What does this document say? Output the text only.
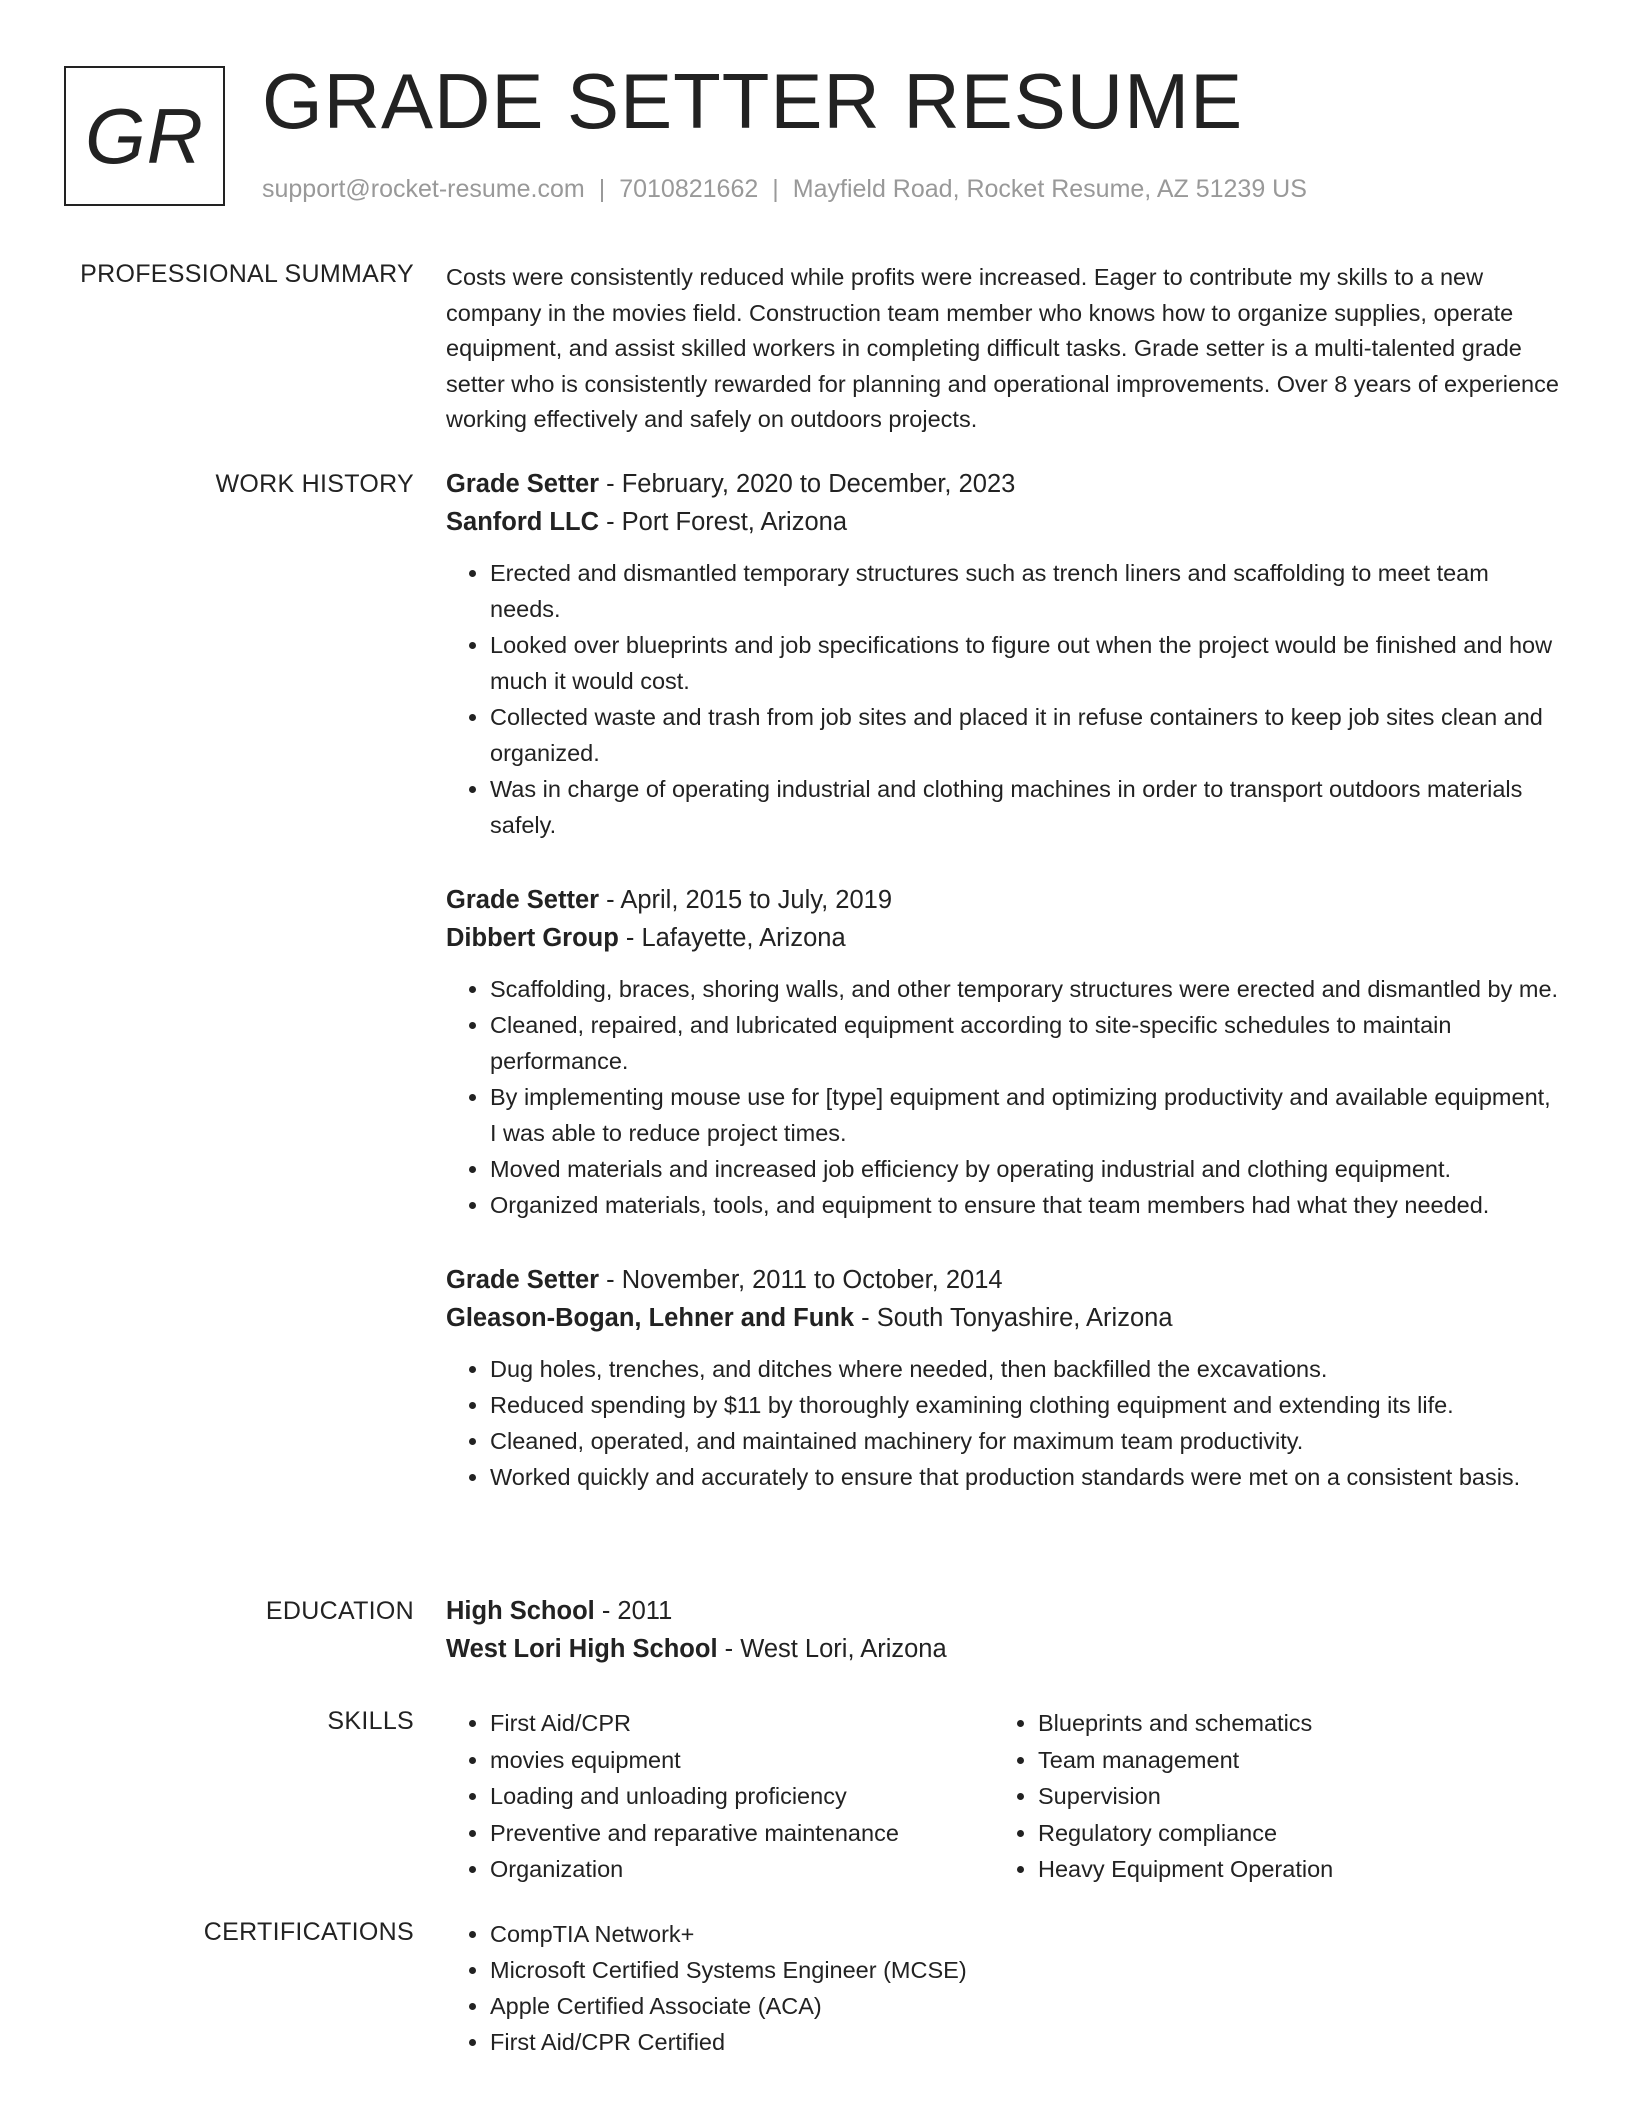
GR GRADE SETTER RESUME
support@rocket-resume.com | 7010821662 | Mayfield Road, Rocket Resume, AZ 51239 US
PROFESSIONAL SUMMARY Costs were consistently reduced while profits were increased. Eager to contribute my skills to a new company in the movies field. Construction team member who knows how to organize supplies, operate equipment, and assist skilled workers in completing difficult tasks. Grade setter is a multi-talented grade setter who is consistently rewarded for planning and operational improvements. Over 8 years of experience working effectively and safely on outdoors projects.

WORK HISTORY Grade Setter - February, 2020 to December, 2023
Sanford LLC - Port Forest, Arizona
• Erected and dismantled temporary structures such as trench liners and scaffolding to meet team needs.
• Looked over blueprints and job specifications to figure out when the project would be finished and how much it would cost.
• Collected waste and trash from job sites and placed it in refuse containers to keep job sites clean and organized.
• Was in charge of operating industrial and clothing machines in order to transport outdoors materials safely.
Grade Setter - April, 2015 to July, 2019
Dibbert Group - Lafayette, Arizona
• Scaffolding, braces, shoring walls, and other temporary structures were erected and dismantled by me.
• Cleaned, repaired, and lubricated equipment according to site-specific schedules to maintain performance.
• By implementing mouse use for [type] equipment and optimizing productivity and available equipment, I was able to reduce project times.
• Moved materials and increased job efficiency by operating industrial and clothing equipment.
• Organized materials, tools, and equipment to ensure that team members had what they needed.
Grade Setter - November, 2011 to October, 2014
Gleason-Bogan, Lehner and Funk - South Tonyashire, Arizona
• Dug holes, trenches, and ditches where needed, then backfilled the excavations.
• Reduced spending by $11 by thoroughly examining clothing equipment and extending its life.
• Cleaned, operated, and maintained machinery for maximum team productivity.
• Worked quickly and accurately to ensure that production standards were met on a consistent basis.
EDUCATION High School - 2011
West Lori High School - West Lori, Arizona
SKILLS	• First Aid/CPR
• movies equipment
• Loading and unloading proficiency
• Preventive and reparative maintenance
• Organization
• Blueprints and schematics
• Team management
• Supervision
• Regulatory compliance
• Heavy Equipment Operation
CERTIFICATIONS	• CompTIA Network+
• Microsoft Certified Systems Engineer (MCSE)
• Apple Certified Associate (ACA)
• First Aid/CPR Certified
